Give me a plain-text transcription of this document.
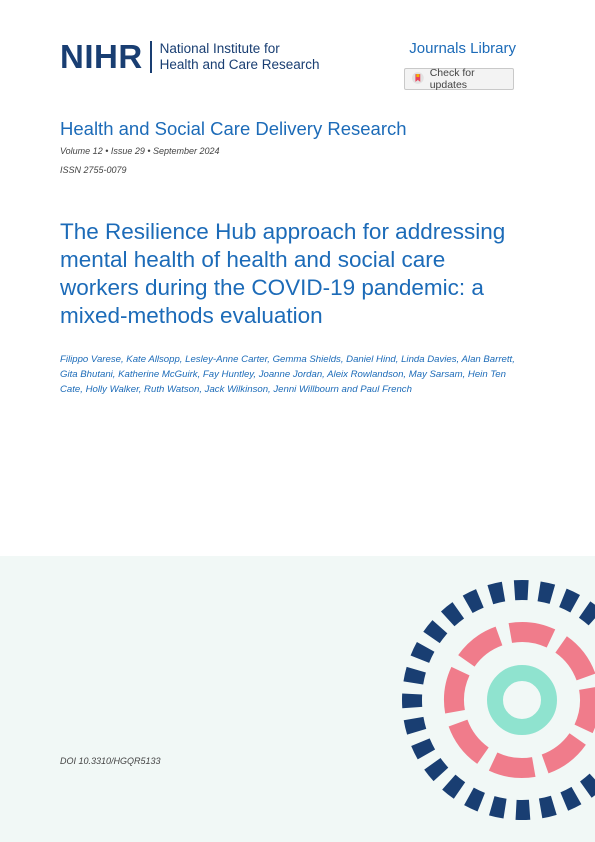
NIHR National Institute for
Health and Care Research
Journals Library
Check for updates
Health and Social Care Delivery Research
Volume 12 • Issue 29 • September 2024
ISSN 2755-0079
The Resilience Hub approach for addressing mental health of health and social care workers during the COVID-19 pandemic: a mixed-methods evaluation
Filippo Varese, Kate Allsopp, Lesley-Anne Carter, Gemma Shields, Daniel Hind, Linda Davies, Alan Barrett, Gita Bhutani, Katherine McGuirk, Fay Huntley, Joanne Jordan, Aleix Rowlandson, May Sarsam, Hein Ten Cate, Holly Walker, Ruth Watson, Jack Wilkinson, Jenni Willbourn and Paul French
DOI 10.3310/HGQR5133
